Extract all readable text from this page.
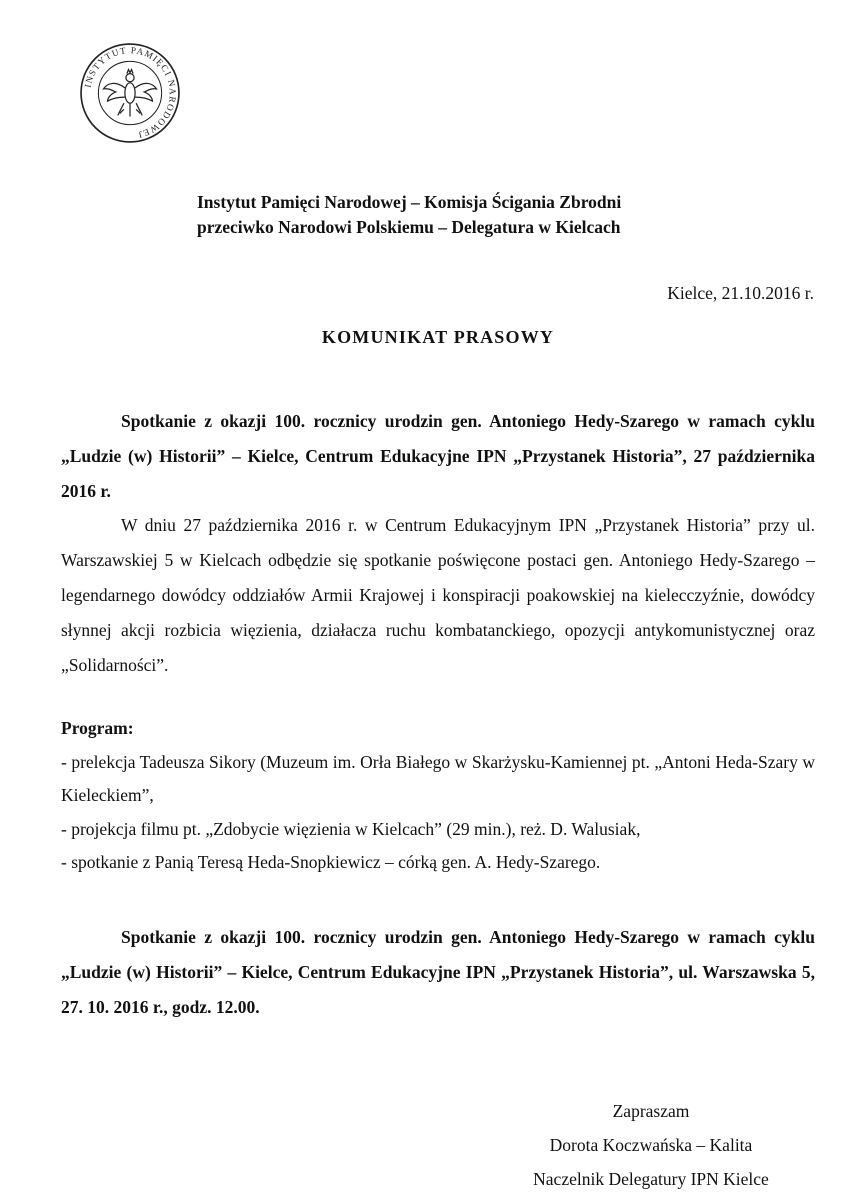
INSTYTUT PAMIĘCI NARODOWEJ
Instytut Pamięci Narodowej – Komisja Ścigania Zbrodni
przeciwko Narodowi Polskiemu – Delegatura w Kielcach
Kielce, 21.10.2016 r.
KOMUNIKAT PRASOWY
Spotkanie z okazji 100. rocznicy urodzin gen. Antoniego Hedy-Szarego w ramach cyklu „Ludzie (w) Historii” – Kielce, Centrum Edukacyjne IPN „Przystanek Historia”, 27 października 2016 r.
W dniu 27 października 2016 r. w Centrum Edukacyjnym IPN „Przystanek Historia” przy ul. Warszawskiej 5 w Kielcach odbędzie się spotkanie poświęcone postaci gen. Antoniego Hedy-Szarego – legendarnego dowódcy oddziałów Armii Krajowej i konspiracji poakowskiej na kielecczyźnie, dowódcy słynnej akcji rozbicia więzienia, działacza ruchu kombatanckiego, opozycji antykomunistycznej oraz „Solidarności”.
Program:
- prelekcja Tadeusza Sikory (Muzeum im. Orła Białego w Skarżysku-Kamiennej pt. „Antoni Heda-Szary w Kieleckiem”,
- projekcja filmu pt. „Zdobycie więzienia w Kielcach” (29 min.), reż. D. Walusiak,
- spotkanie z Panią Teresą Heda-Snopkiewicz – córką gen. A. Hedy-Szarego.
Spotkanie z okazji 100. rocznicy urodzin gen. Antoniego Hedy-Szarego w ramach cyklu „Ludzie (w) Historii” – Kielce, Centrum Edukacyjne IPN „Przystanek Historia”, ul. Warszawska 5, 27. 10. 2016 r., godz. 12.00.
Zapraszam
Dorota Koczwańska – Kalita
Naczelnik Delegatury IPN Kielce
